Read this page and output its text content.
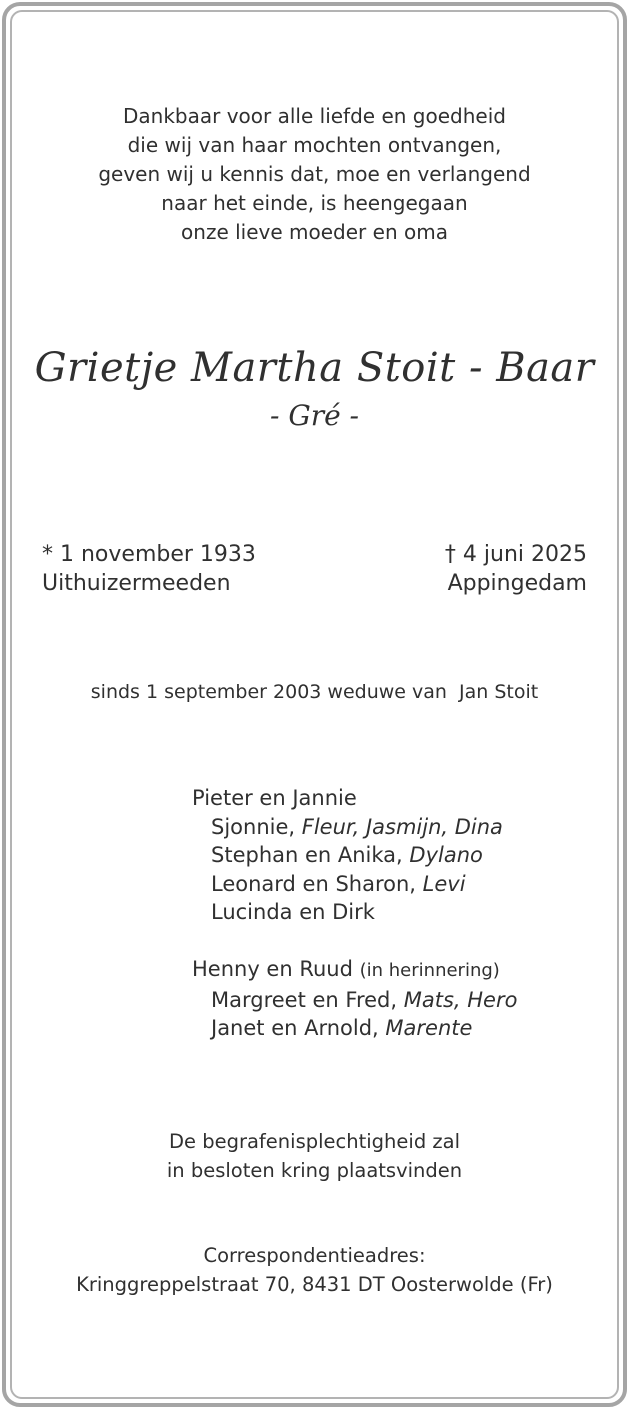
Dankbaar voor alle liefde en goedheid
die wij van haar mochten ontvangen,
geven wij u kennis dat, moe en verlangend
naar het einde, is heengegaan
onze lieve moeder en oma
Grietje Martha Stoit - Baar
- Gré -
* 1 november 1933
Uithuizermeeden
† 4 juni 2025
Appingedam
sinds 1 september 2003 weduwe van  Jan Stoit
Pieter en Jannie
Sjonnie, Fleur, Jasmijn, Dina
Stephan en Anika, Dylano
Leonard en Sharon, Levi
Lucinda en Dirk
Henny en Ruud (in herinnering)
Margreet en Fred, Mats, Hero
Janet en Arnold, Marente
De begrafenisplechtigheid zal
in besloten kring plaatsvinden
Correspondentieadres:
Kringgreppelstraat 70, 8431 DT Oosterwolde (Fr)
